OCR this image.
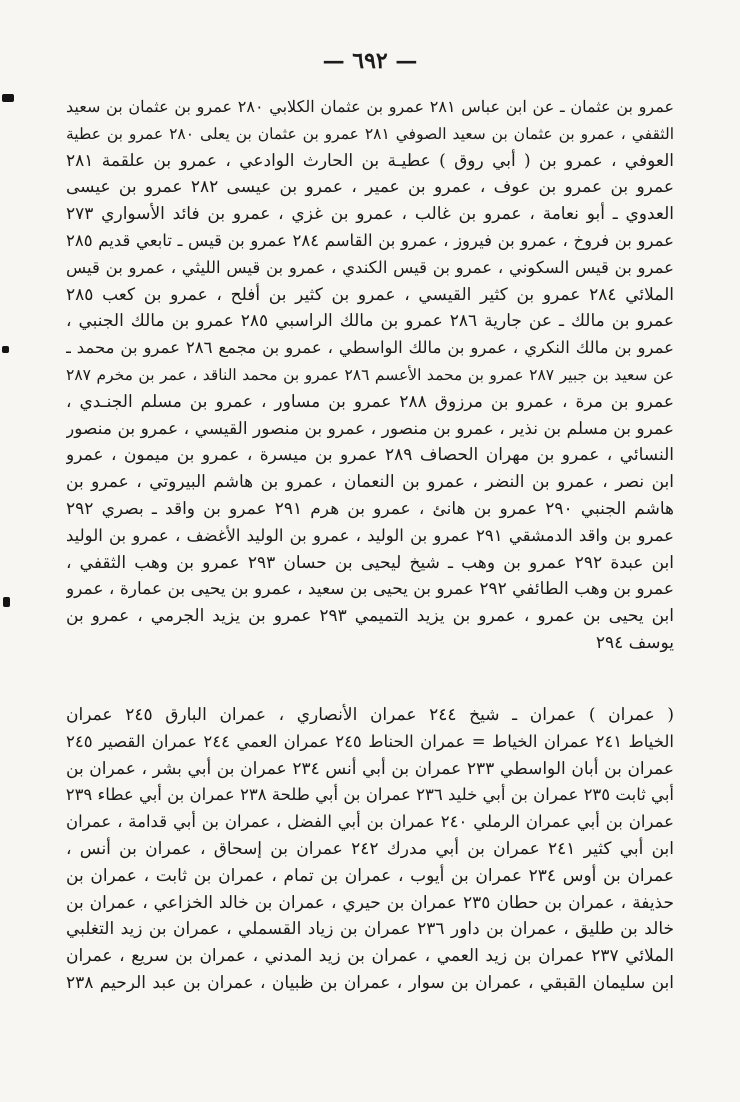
— ٦٩٢ —
عمرو بن عثمان ـ عن ابن عباس ٢٨١ عمرو بن عثمان الكلابي ٢٨٠ عمرو بن عثمان بن سعيد
الثقفي ، عمرو بن عثمان بن سعيد الصوفي ٢٨١ عمرو بن عثمان بن يعلى ٢٨٠ عمرو بن عطية
العوفي ، عمرو بن ( أبي روق ) عطيـة بن الحارث الوادعي ، عمرو بن علقمة ٢٨١
عمرو بن عمرو بن عوف ، عمرو بن عمير ، عمرو بن عيسى ٢٨٢ عمرو بن عيسى
العدوي ـ أبو نعامة ، عمرو بن غالب ، عمرو بن غزي ، عمرو بن فائد الأسواري ٢٧٣
عمرو بن فروخ ، عمرو بن فيروز ، عمرو بن القاسم ٢٨٤ عمرو بن قيس ـ تابعي قديم ٢٨٥
عمرو بن قيس السكوني ، عمرو بن قيس الكندي ، عمرو بن قيس الليثي ، عمرو بن قيس
الملائي ٢٨٤ عمرو بن كثير القيسي ، عمرو بن كثير بن أفلح ، عمرو بن كعب ٢٨٥
عمرو بن مالك ـ عن جارية ٢٨٦ عمرو بن مالك الراسبي ٢٨٥ عمرو بن مالك الجنبي ،
عمرو بن مالك النكري ، عمرو بن مالك الواسطي ، عمرو بن مجمع ٢٨٦ عمرو بن محمد ـ
عن سعيد بن جبير ٢٨٧ عمرو بن محمد الأعسم ٢٨٦ عمرو بن محمد الناقد ، عمر بن مخرم ٢٨٧
عمرو بن مرة ، عمرو بن مرزوق ٢٨٨ عمرو بن مساور ، عمرو بن مسلم الجنـدي ،
عمرو بن مسلم بن نذير ، عمرو بن منصور ، عمرو بن منصور القيسي ، عمرو بن منصور
النسائي ، عمرو بن مهران الحصاف ٢٨٩ عمرو بن ميسرة ، عمرو بن ميمون ، عمرو
ابن نصر ، عمرو بن النضر ، عمرو بن النعمان ، عمرو بن هاشم البيروتي ، عمرو بن
هاشم الجنبي ٢٩٠ عمرو بن هانئ ، عمرو بن هرم ٢٩١ عمرو بن واقد ـ بصري ٢٩٢
عمرو بن واقد الدمشقي ٢٩١ عمرو بن الوليد ، عمرو بن الوليد الأغضف ، عمرو بن الوليد
ابن عبدة ٢٩٢ عمرو بن وهب ـ شيخ ليحيى بن حسان ٢٩٣ عمرو بن وهب الثقفي ،
عمرو بن وهب الطائفي ٢٩٢ عمرو بن يحيى بن سعيد ، عمرو بن يحيى بن عمارة ، عمرو
ابن يحيى بن عمرو ، عمرو بن يزيد التميمي ٢٩٣ عمرو بن يزيد الجرمي ، عمرو بن
يوسف ٢٩٤
( عمران ) عمران ـ شيخ ٢٤٤ عمران الأنصاري ، عمران البارق ٢٤٥ عمران
الخياط ٢٤١ عمران الخياط = عمران الحناط ٢٤٥ عمران العمي ٢٤٤ عمران القصير ٢٤٥
عمران بن أبان الواسطي ٢٣٣ عمران بن أبي أنس ٢٣٤ عمران بن أبي بشر ، عمران بن
أبي ثابت ٢٣٥ عمران بن أبي خليد ٢٣٦ عمران بن أبي طلحة ٢٣٨ عمران بن أبي عطاء ٢٣٩
عمران بن أبي عمران الرملي ٢٤٠ عمران بن أبي الفضل ، عمران بن أبي قدامة ، عمران
ابن أبي كثير ٢٤١ عمران بن أبي مدرك ٢٤٢ عمران بن إسحاق ، عمران بن أنس ،
عمران بن أوس ٢٣٤ عمران بن أيوب ، عمران بن تمام ، عمران بن ثابت ، عمران بن
حذيفة ، عمران بن حطان ٢٣٥ عمران بن حيري ، عمران بن خالد الخزاعي ، عمران بن
خالد بن طليق ، عمران بن داور ٢٣٦ عمران بن زياد القسملي ، عمران بن زيد التغلبي
الملائي ٢٣٧ عمران بن زيد العمي ، عمران بن زيد المدني ، عمران بن سريع ، عمران
ابن سليمان القبقي ، عمران بن سوار ، عمران بن ظبيان ، عمران بن عبد الرحيم ٢٣٨
